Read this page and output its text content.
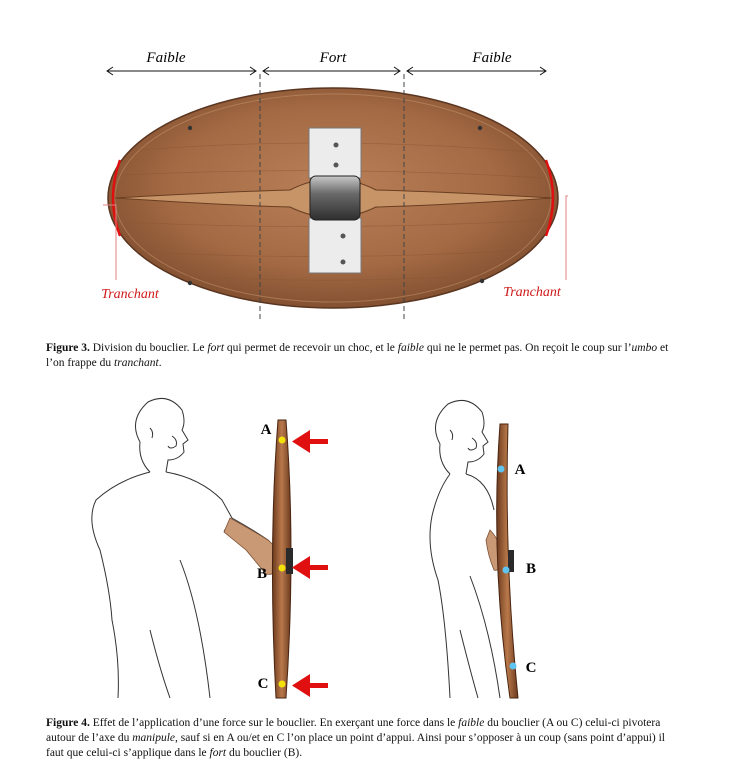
Faible	Fort	Faible
Tranchant	Tranchant

Figure 3. Division du bouclier. Le fort qui permet de recevoir un choc, et le faible qui ne le permet pas. On reçoit le coup sur l’umbo et l’on frappe du tranchant.

A
B
C
A
B
C

Figure 4. Effet de l’application d’une force sur le bouclier. En exerçant une force dans le faible du bouclier (A ou C) celui-ci pivotera autour de l’axe du manipule, sauf si en A ou/et en C l’on place un point d’appui. Ainsi pour s’opposer à un coup (sans point d’appui) il faut que celui-ci s’applique dans le fort du bouclier (B).
